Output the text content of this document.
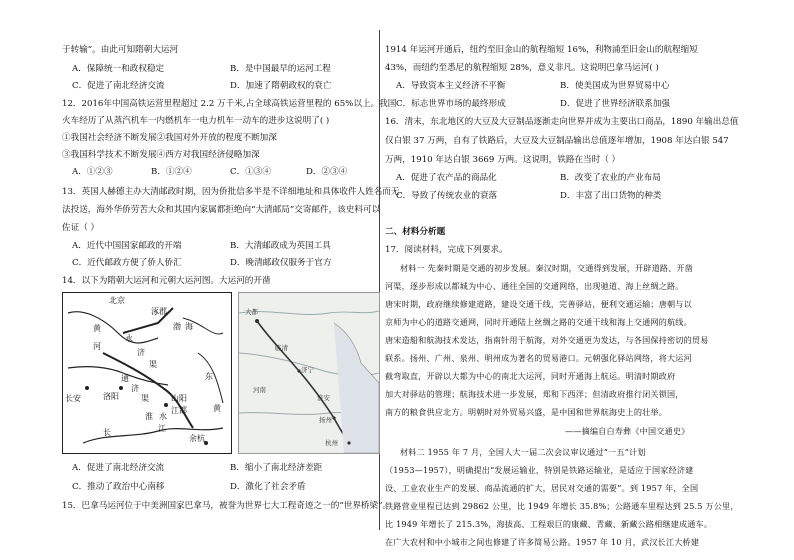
于转输”。由此可知隋朝大运河
A．保障统一和政权稳定	B．是中国最早的运河工程
C．促进了南北经济交流	D．加速了隋朝政权的衰亡
12．2016年中国高铁运营里程超过 2.2 万千米,占全球高铁运营里程的 65%以上。我国
火车经历了从蒸汽机车一内燃机车一电力机车一动车的进步这说明了( )
①我国社会经济不断发展②我国对外开放的程度不断加深
③我国科学技术不断发展④西方对我国经济侵略加深
A．①②③	B．①②④	C．①③④	D．②③④
13．英国人赫德主办大清邮政时期，因为侨批信多半是不详细地址和具体收件人姓名而无
法投送，海外华侨劳苦大众和其国内家属都拒绝向“大清邮局”交寄邮件，该史料可以
佐证（ ）
A．近代中国国家邮政的开端	B．大清邮政成为英国工具
C．近代邮政方便了侨人侨汇	D．晚清邮政仅服务于官方
14．以下为隋朝大运河和元朝大运河图。大运河的开凿
北京
涿郡
渤 海
黄
河
永
济
渠
通
济
渠
东
长安	洛阳	山阳
淮 水
江都	黄
余杭
长	江
大都
临清
济宁
淮安
扬州
杭州
河南
A．促进了南北经济交流	B．缩小了南北经济差距
C．推动了政治中心南移	D．激化了社会矛盾
15．巴拿马运河位于中美洲国家巴拿马，被誉为世界七大工程奇迹之一的“世界桥梁”。
1914 年运河开通后，纽约至旧金山的航程缩短 16%，利物浦至旧金山的航程缩短
43%，而纽约至悉尼的航程缩短 28%，意义非凡。这说明巴拿马运河( )
A．导致资本主义经济不平衡	B．使美国成为世界贸易中心
C．标志世界市场的最终形成	D．促进了世界经济联系加强
16．清末，东北地区的大豆及大豆制品逐渐走向世界并成为主要出口商品，1890 年输出总值
仅白银 37 万两，自有了铁路后，大豆及大豆制品输出总值逐年增加，1908 年达白银 547
万两，1910 年达白银 3669 万两。这说明，铁路在当时（ ）
A．促进了农产品的商品化	B．改变了农业的产业布局
C．导致了传统农业的衰落	D．丰富了出口货物的种类
二、材料分析题
17．阅读材料，完成下列要求。
材料一 先秦时期是交通的初步发展。秦汉时期，交通得到发展，开辟道路、开凿
河渠，逐步形成以都城为中心、通往全国的交通网络，出现驰道、海上丝绸之路。
唐宋时期，政府继续修建道路，建设交通干线，完善驿站，便利交通运输；唐朝与以
京师为中心的道路交通网，同时开通陆上丝绸之路的交通干线和海上交通网的航线。
唐宋造船和航海技术发达，指南针用于航海，对外交通更为发达，与各国保持密切的贸易
联系。扬州、广州、泉州、明州成为著名的贸易港口。元朝强化驿站网络，将大运河
截弯取直，开辟以大都为中心的南北大运河，同时开通海上航运。明清时期政府
加大对驿站的管理；航海技术进一步发展，郑和下西洋；但清政府推行闭关锁国，
南方的粮食供应北方。明朝时对外贸易兴盛，是中国和世界航海史上的壮举。
——摘编自白寿彝《中国交通史》
材料二 1955 年 7 月，全国人大一届二次会议审议通过“一五”计划
（1953—1957），明确提出“发展运输业，特别是铁路运输业，是适应于国家经济建
设、工业农业生产的发展、商品流通的扩大，居民对交通的需要”。到 1957 年，全国
铁路营业里程已达到 29862 公里，比 1949 年增长 35.8%；公路通车里程达到 25.5 万公里，
比 1949 年增长了 215.3%，海拔高、工程艰巨的康藏、青藏、新藏公路相继建成通车。
在广大农村和中小城市之间也修建了许多简易公路。1957 年 10 月，武汉长江大桥建
